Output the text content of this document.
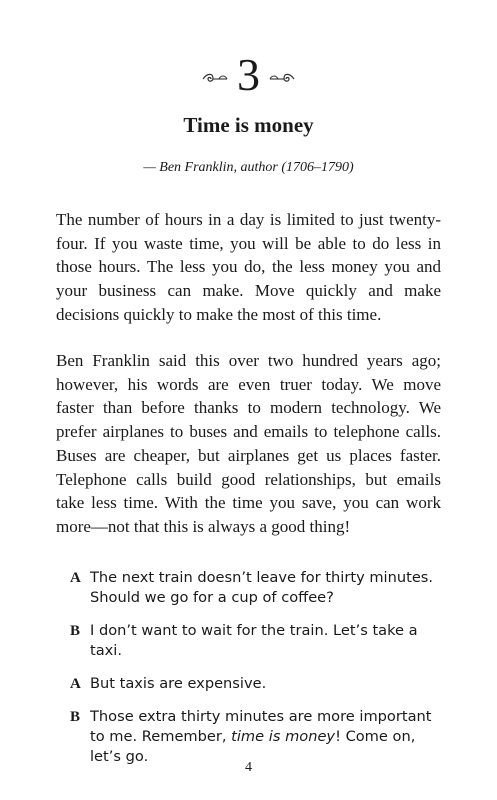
3
Time is money
— Ben Franklin, author (1706–1790)

The number of hours in a day is limited to just twenty-four. If you waste time, you will be able to do less in those hours. The less you do, the less money you and your business can make. Move quickly and make decisions quickly to make the most of this time.

Ben Franklin said this over two hundred years ago; however, his words are even truer today. We move faster than before thanks to modern technology. We prefer airplanes to buses and emails to telephone calls. Buses are cheaper, but airplanes get us places faster. Telephone calls build good relationships, but emails take less time. With the time you save, you can work more—not that this is always a good thing!

A The next train doesn’t leave for thirty minutes. Should we go for a cup of coffee?
B I don’t want to wait for the train. Let’s take a taxi.
A But taxis are expensive.
B Those extra thirty minutes are more important to me. Remember, time is money! Come on, let’s go.
4
